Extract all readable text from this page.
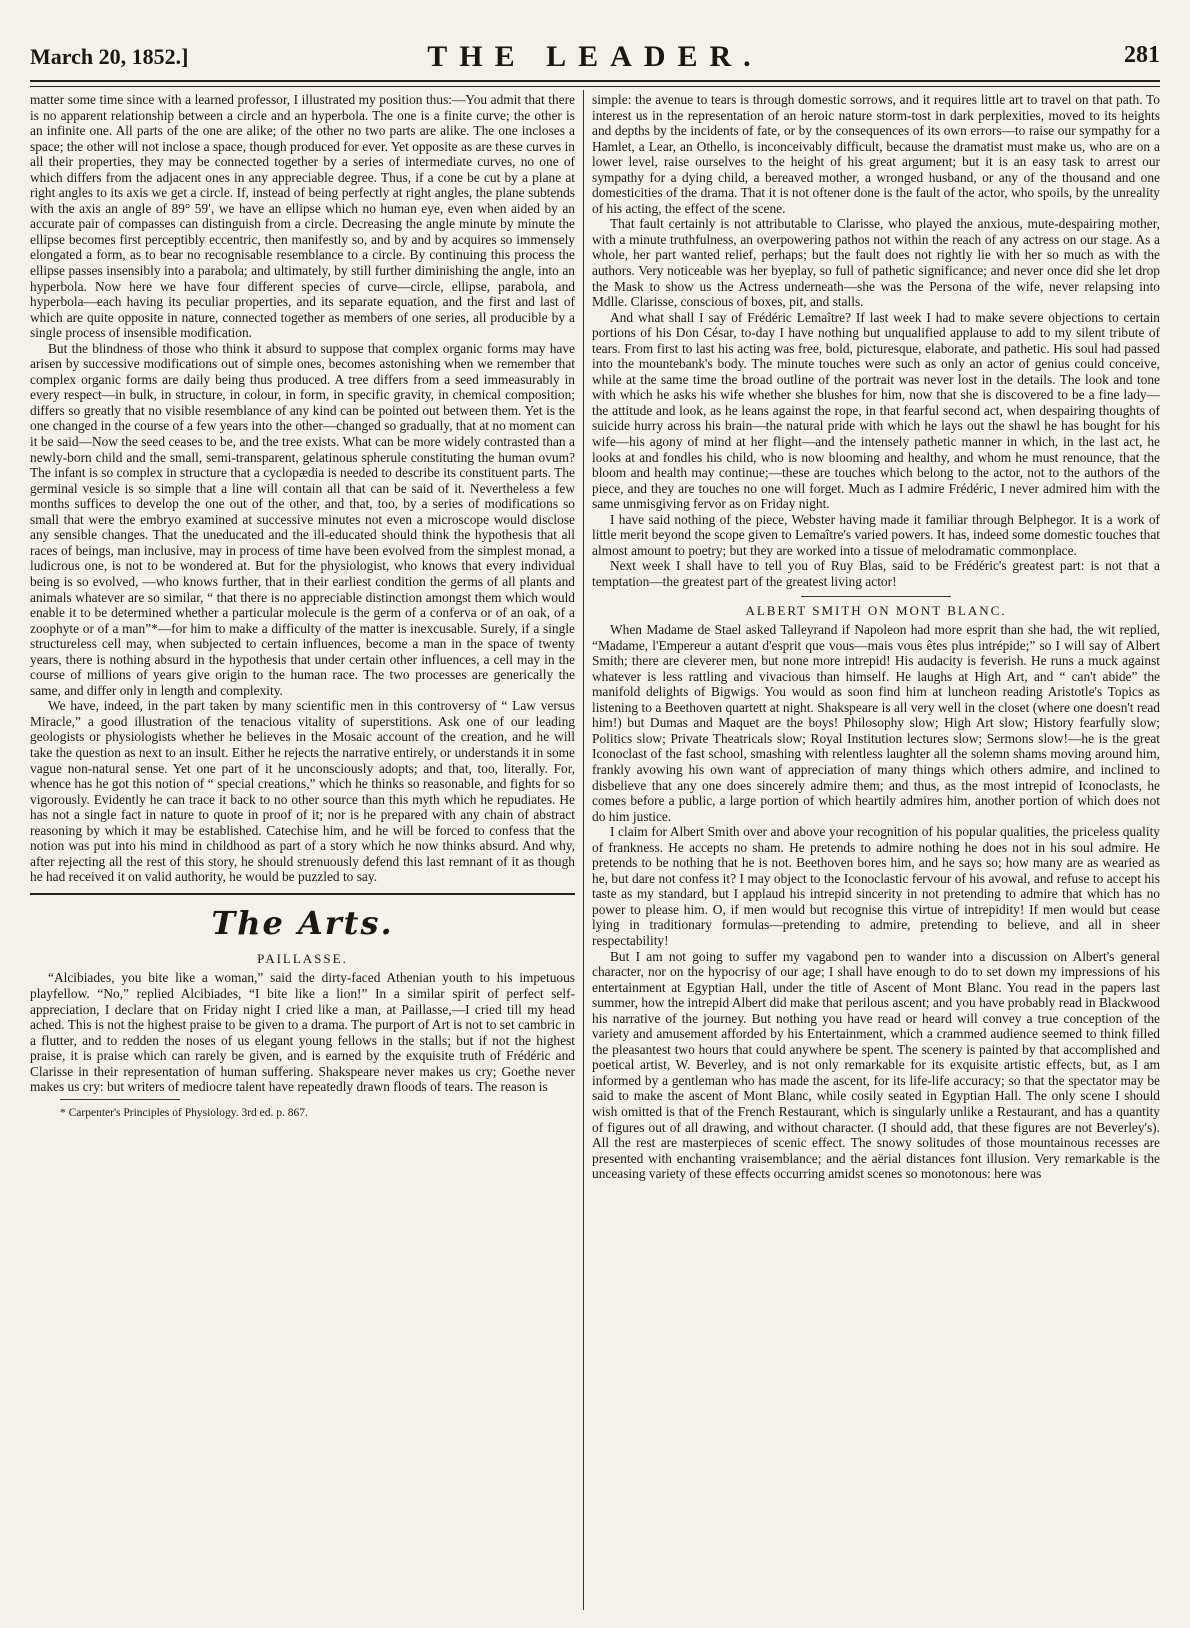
March 20, 1852.]	THE LEADER.	281

matter some time since with a learned professor, I illustrated my position thus:—You admit that there is no apparent relationship between a circle and an hyperbola. The one is a finite curve; the other is an infinite one. All parts of the one are alike; of the other no two parts are alike. The one incloses a space; the other will not inclose a space, though produced for ever. Yet opposite as are these curves in all their properties, they may be connected together by a series of intermediate curves, no one of which differs from the adjacent ones in any appreciable degree. Thus, if a cone be cut by a plane at right angles to its axis we get a circle. If, instead of being perfectly at right angles, the plane subtends with the axis an angle of 89° 59′, we have an ellipse which no human eye, even when aided by an accurate pair of compasses can distinguish from a circle. Decreasing the angle minute by minute the ellipse becomes first perceptibly eccentric, then manifestly so, and by and by acquires so immensely elongated a form, as to bear no recognisable resemblance to a circle. By continuing this process the ellipse passes insensibly into a parabola; and ultimately, by still further diminishing the angle, into an hyperbola. Now here we have four different species of curve—circle, ellipse, parabola, and hyperbola—each having its peculiar properties, and its separate equation, and the first and last of which are quite opposite in nature, connected together as members of one series, all producible by a single process of insensible modification.

But the blindness of those who think it absurd to suppose that complex organic forms may have arisen by successive modifications out of simple ones, becomes astonishing when we remember that complex organic forms are daily being thus produced. A tree differs from a seed immeasurably in every respect—in bulk, in structure, in colour, in form, in specific gravity, in chemical composition; differs so greatly that no visible resemblance of any kind can be pointed out between them. Yet is the one changed in the course of a few years into the other—changed so gradually, that at no moment can it be said—Now the seed ceases to be, and the tree exists. What can be more widely contrasted than a newly-born child and the small, semi-transparent, gelatinous spherule constituting the human ovum? The infant is so complex in structure that a cyclopædia is needed to describe its constituent parts. The germinal vesicle is so simple that a line will contain all that can be said of it. Nevertheless a few months suffices to develop the one out of the other, and that, too, by a series of modifications so small that were the embryo examined at successive minutes not even a microscope would disclose any sensible changes. That the uneducated and the ill-educated should think the hypothesis that all races of beings, man inclusive, may in process of time have been evolved from the simplest monad, a ludicrous one, is not to be wondered at. But for the physiologist, who knows that every individual being is so evolved, —who knows further, that in their earliest condition the germs of all plants and animals whatever are so similar, “ that there is no appreciable distinction amongst them which would enable it to be determined whether a particular molecule is the germ of a conferva or of an oak, of a zoophyte or of a man”*—for him to make a difficulty of the matter is inexcusable. Surely, if a single structureless cell may, when subjected to certain influences, become a man in the space of twenty years, there is nothing absurd in the hypothesis that under certain other influences, a cell may in the course of millions of years give origin to the human race. The two processes are generically the same, and differ only in length and complexity.

We have, indeed, in the part taken by many scientific men in this controversy of “ Law versus Miracle,” a good illustration of the tenacious vitality of superstitions. Ask one of our leading geologists or physiologists whether he believes in the Mosaic account of the creation, and he will take the question as next to an insult. Either he rejects the narrative entirely, or understands it in some vague non-natural sense. Yet one part of it he unconsciously adopts; and that, too, literally. For, whence has he got this notion of “ special creations,” which he thinks so reasonable, and fights for so vigorously. Evidently he can trace it back to no other source than this myth which he repudiates. He has not a single fact in nature to quote in proof of it; nor is he prepared with any chain of abstract reasoning by which it may be established. Catechise him, and he will be forced to confess that the notion was put into his mind in childhood as part of a story which he now thinks absurd. And why, after rejecting all the rest of this story, he should strenuously defend this last remnant of it as though he had received it on valid authority, he would be puzzled to say.

The Arts.
PAILLASSE.

“Alcibiades, you bite like a woman,” said the dirty-faced Athenian youth to his impetuous playfellow. “No,” replied Alcibiades, “I bite like a lion!” In a similar spirit of perfect self-appreciation, I declare that on Friday night I cried like a man, at Paillasse,—I cried till my head ached. This is not the highest praise to be given to a drama. The purport of Art is not to set cambric in a flutter, and to redden the noses of us elegant young fellows in the stalls; but if not the highest praise, it is praise which can rarely be given, and is earned by the exquisite truth of Frédéric and Clarisse in their representation of human suffering. Shakspeare never makes us cry; Goethe never makes us cry: but writers of mediocre talent have repeatedly drawn floods of tears. The reason is

* Carpenter's Principles of Physiology. 3rd ed. p. 867.

simple: the avenue to tears is through domestic sorrows, and it requires little art to travel on that path. To interest us in the representation of an heroic nature storm-tost in dark perplexities, moved to its heights and depths by the incidents of fate, or by the consequences of its own errors—to raise our sympathy for a Hamlet, a Lear, an Othello, is inconceivably difficult, because the dramatist must make us, who are on a lower level, raise ourselves to the height of his great argument; but it is an easy task to arrest our sympathy for a dying child, a bereaved mother, a wronged husband, or any of the thousand and one domesticities of the drama. That it is not oftener done is the fault of the actor, who spoils, by the unreality of his acting, the effect of the scene.

That fault certainly is not attributable to Clarisse, who played the anxious, mute-despairing mother, with a minute truthfulness, an overpowering pathos not within the reach of any actress on our stage. As a whole, her part wanted relief, perhaps; but the fault does not rightly lie with her so much as with the authors. Very noticeable was her byeplay, so full of pathetic significance; and never once did she let drop the Mask to show us the Actress underneath—she was the Persona of the wife, never relapsing into Mdlle. Clarisse, conscious of boxes, pit, and stalls.

And what shall I say of Frédéric Lemaître? If last week I had to make severe objections to certain portions of his Don César, to-day I have nothing but unqualified applause to add to my silent tribute of tears. From first to last his acting was free, bold, picturesque, elaborate, and pathetic. His soul had passed into the mountebank's body. The minute touches were such as only an actor of genius could conceive, while at the same time the broad outline of the portrait was never lost in the details. The look and tone with which he asks his wife whether she blushes for him, now that she is discovered to be a fine lady—the attitude and look, as he leans against the rope, in that fearful second act, when despairing thoughts of suicide hurry across his brain—the natural pride with which he lays out the shawl he has bought for his wife—his agony of mind at her flight—and the intensely pathetic manner in which, in the last act, he looks at and fondles his child, who is now blooming and healthy, and whom he must renounce, that the bloom and health may continue;—these are touches which belong to the actor, not to the authors of the piece, and they are touches no one will forget. Much as I admire Frédéric, I never admired him with the same unmisgiving fervor as on Friday night.

I have said nothing of the piece, Webster having made it familiar through Belphegor. It is a work of little merit beyond the scope given to Lemaître's varied powers. It has, indeed some domestic touches that almost amount to poetry; but they are worked into a tissue of melodramatic commonplace.

Next week I shall have to tell you of Ruy Blas, said to be Frédéric's greatest part: is not that a temptation—the greatest part of the greatest living actor!

ALBERT SMITH ON MONT BLANC.

When Madame de Stael asked Talleyrand if Napoleon had more esprit than she had, the wit replied, “Madame, l'Empereur a autant d'esprit que vous—mais vous êtes plus intrépide;” so I will say of Albert Smith; there are cleverer men, but none more intrepid! His audacity is feverish. He runs a muck against whatever is less rattling and vivacious than himself. He laughs at High Art, and “ can't abide” the manifold delights of Bigwigs. You would as soon find him at luncheon reading Aristotle's Topics as listening to a Beethoven quartett at night. Shakspeare is all very well in the closet (where one doesn't read him!) but Dumas and Maquet are the boys! Philosophy slow; High Art slow; History fearfully slow; Politics slow; Private Theatricals slow; Royal Institution lectures slow; Sermons slow!—he is the great Iconoclast of the fast school, smashing with relentless laughter all the solemn shams moving around him, frankly avowing his own want of appreciation of many things which others admire, and inclined to disbelieve that any one does sincerely admire them; and thus, as the most intrepid of Iconoclasts, he comes before a public, a large portion of which heartily admires him, another portion of which does not do him justice.

I claim for Albert Smith over and above your recognition of his popular qualities, the priceless quality of frankness. He accepts no sham. He pretends to admire nothing he does not in his soul admire. He pretends to be nothing that he is not. Beethoven bores him, and he says so; how many are as wearied as he, but dare not confess it? I may object to the Iconoclastic fervour of his avowal, and refuse to accept his taste as my standard, but I applaud his intrepid sincerity in not pretending to admire that which has no power to please him. O, if men would but recognise this virtue of intrepidity! If men would but cease lying in traditionary formulas—pretending to admire, pretending to believe, and all in sheer respectability!

But I am not going to suffer my vagabond pen to wander into a discussion on Albert's general character, nor on the hypocrisy of our age; I shall have enough to do to set down my impressions of his entertainment at Egyptian Hall, under the title of Ascent of Mont Blanc. You read in the papers last summer, how the intrepid Albert did make that perilous ascent; and you have probably read in Blackwood his narrative of the journey. But nothing you have read or heard will convey a true conception of the variety and amusement afforded by his Entertainment, which a crammed audience seemed to think filled the pleasantest two hours that could anywhere be spent. The scenery is painted by that accomplished and poetical artist, W. Beverley, and is not only remarkable for its exquisite artistic effects, but, as I am informed by a gentleman who has made the ascent, for its life-life accuracy; so that the spectator may be said to make the ascent of Mont Blanc, while cosily seated in Egyptian Hall. The only scene I should wish omitted is that of the French Restaurant, which is singularly unlike a Restaurant, and has a quantity of figures out of all drawing, and without character. (I should add, that these figures are not Beverley's). All the rest are masterpieces of scenic effect. The snowy solitudes of those mountainous recesses are presented with enchanting vraisemblance; and the aërial distances font illusion. Very remarkable is the unceasing variety of these effects occurring amidst scenes so monotonous: here was
